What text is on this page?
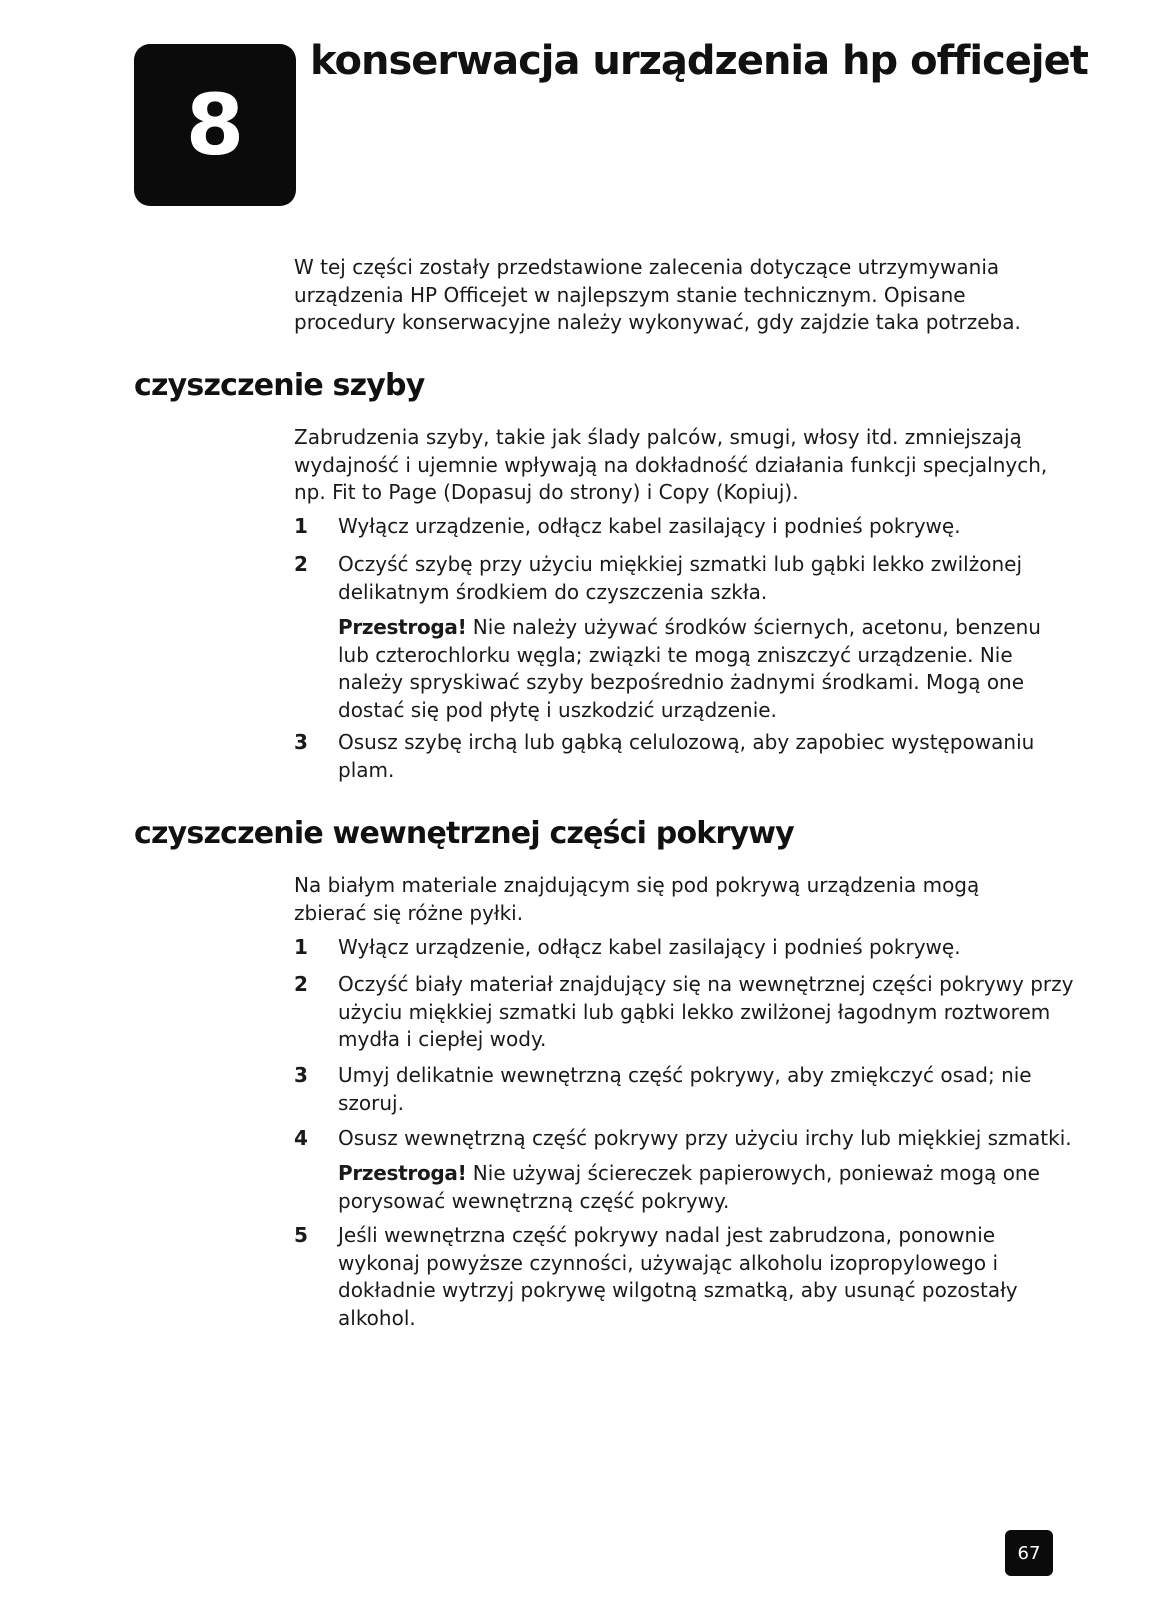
8
konserwacja urządzenia hp officejet

W tej części zostały przedstawione zalecenia dotyczące utrzymywania urządzenia HP Officejet w najlepszym stanie technicznym. Opisane procedury konserwacyjne należy wykonywać, gdy zajdzie taka potrzeba.

czyszczenie szyby

Zabrudzenia szyby, takie jak ślady palców, smugi, włosy itd. zmniejszają wydajność i ujemnie wpływają na dokładność działania funkcji specjalnych, np. Fit to Page (Dopasuj do strony) i Copy (Kopiuj).

1	Wyłącz urządzenie, odłącz kabel zasilający i podnieś pokrywę.
2	Oczyść szybę przy użyciu miękkiej szmatki lub gąbki lekko zwilżonej delikatnym środkiem do czyszczenia szkła.
Przestroga! Nie należy używać środków ściernych, acetonu, benzenu lub czterochlorku węgla; związki te mogą zniszczyć urządzenie. Nie należy spryskiwać szyby bezpośrednio żadnymi środkami. Mogą one dostać się pod płytę i uszkodzić urządzenie.
3	Osusz szybę irchą lub gąbką celulozową, aby zapobiec występowaniu plam.
czyszczenie wewnętrznej części pokrywy

Na białym materiale znajdującym się pod pokrywą urządzenia mogą zbierać się różne pyłki.

1	Wyłącz urządzenie, odłącz kabel zasilający i podnieś pokrywę.
2	Oczyść biały materiał znajdujący się na wewnętrznej części pokrywy przy użyciu miękkiej szmatki lub gąbki lekko zwilżonej łagodnym roztworem mydła i ciepłej wody.
3	Umyj delikatnie wewnętrzną część pokrywy, aby zmiękczyć osad; nie szoruj.
4	Osusz wewnętrzną część pokrywy przy użyciu irchy lub miękkiej szmatki.
Przestroga! Nie używaj ściereczek papierowych, ponieważ mogą one porysować wewnętrzną część pokrywy.
5	Jeśli wewnętrzna część pokrywy nadal jest zabrudzona, ponownie wykonaj powyższe czynności, używając alkoholu izopropylowego i dokładnie wytrzyj pokrywę wilgotną szmatką, aby usunąć pozostały alkohol.
67
